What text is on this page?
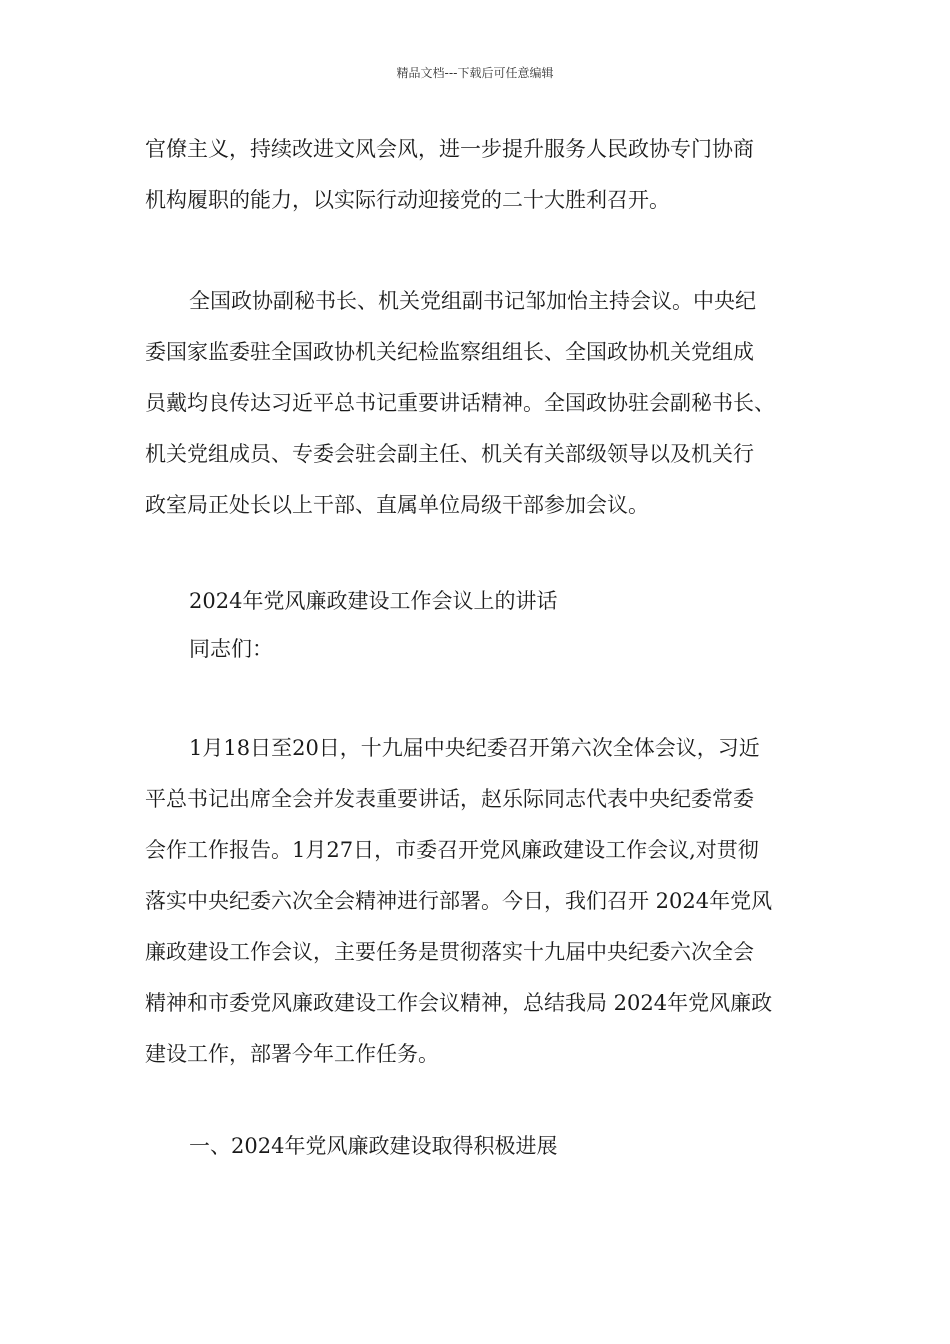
精品文档---下载后可任意编辑
官僚主义，持续改进文风会风，进一步提升服务人民政协专门协商
机构履职的能力，以实际行动迎接党的二十大胜利召开。
全国政协副秘书长、机关党组副书记邹加怡主持会议。中央纪
委国家监委驻全国政协机关纪检监察组组长、全国政协机关党组成
员戴均良传达习近平总书记重要讲话精神。全国政协驻会副秘书长、
机关党组成员、专委会驻会副主任、机关有关部级领导以及机关行
政室局正处长以上干部、直属单位局级干部参加会议。
2024年党风廉政建设工作会议上的讲话
同志们：
1月18日至20日，十九届中央纪委召开第六次全体会议，习近
平总书记出席全会并发表重要讲话，赵乐际同志代表中央纪委常委
会作工作报告。1月27日，市委召开党风廉政建设工作会议,对贯彻
落实中央纪委六次全会精神进行部署。今日，我们召开 2024年党风
廉政建设工作会议，主要任务是贯彻落实十九届中央纪委六次全会
精神和市委党风廉政建设工作会议精神，总结我局 2024年党风廉政
建设工作，部署今年工作任务。
一、2024年党风廉政建设取得积极进展
